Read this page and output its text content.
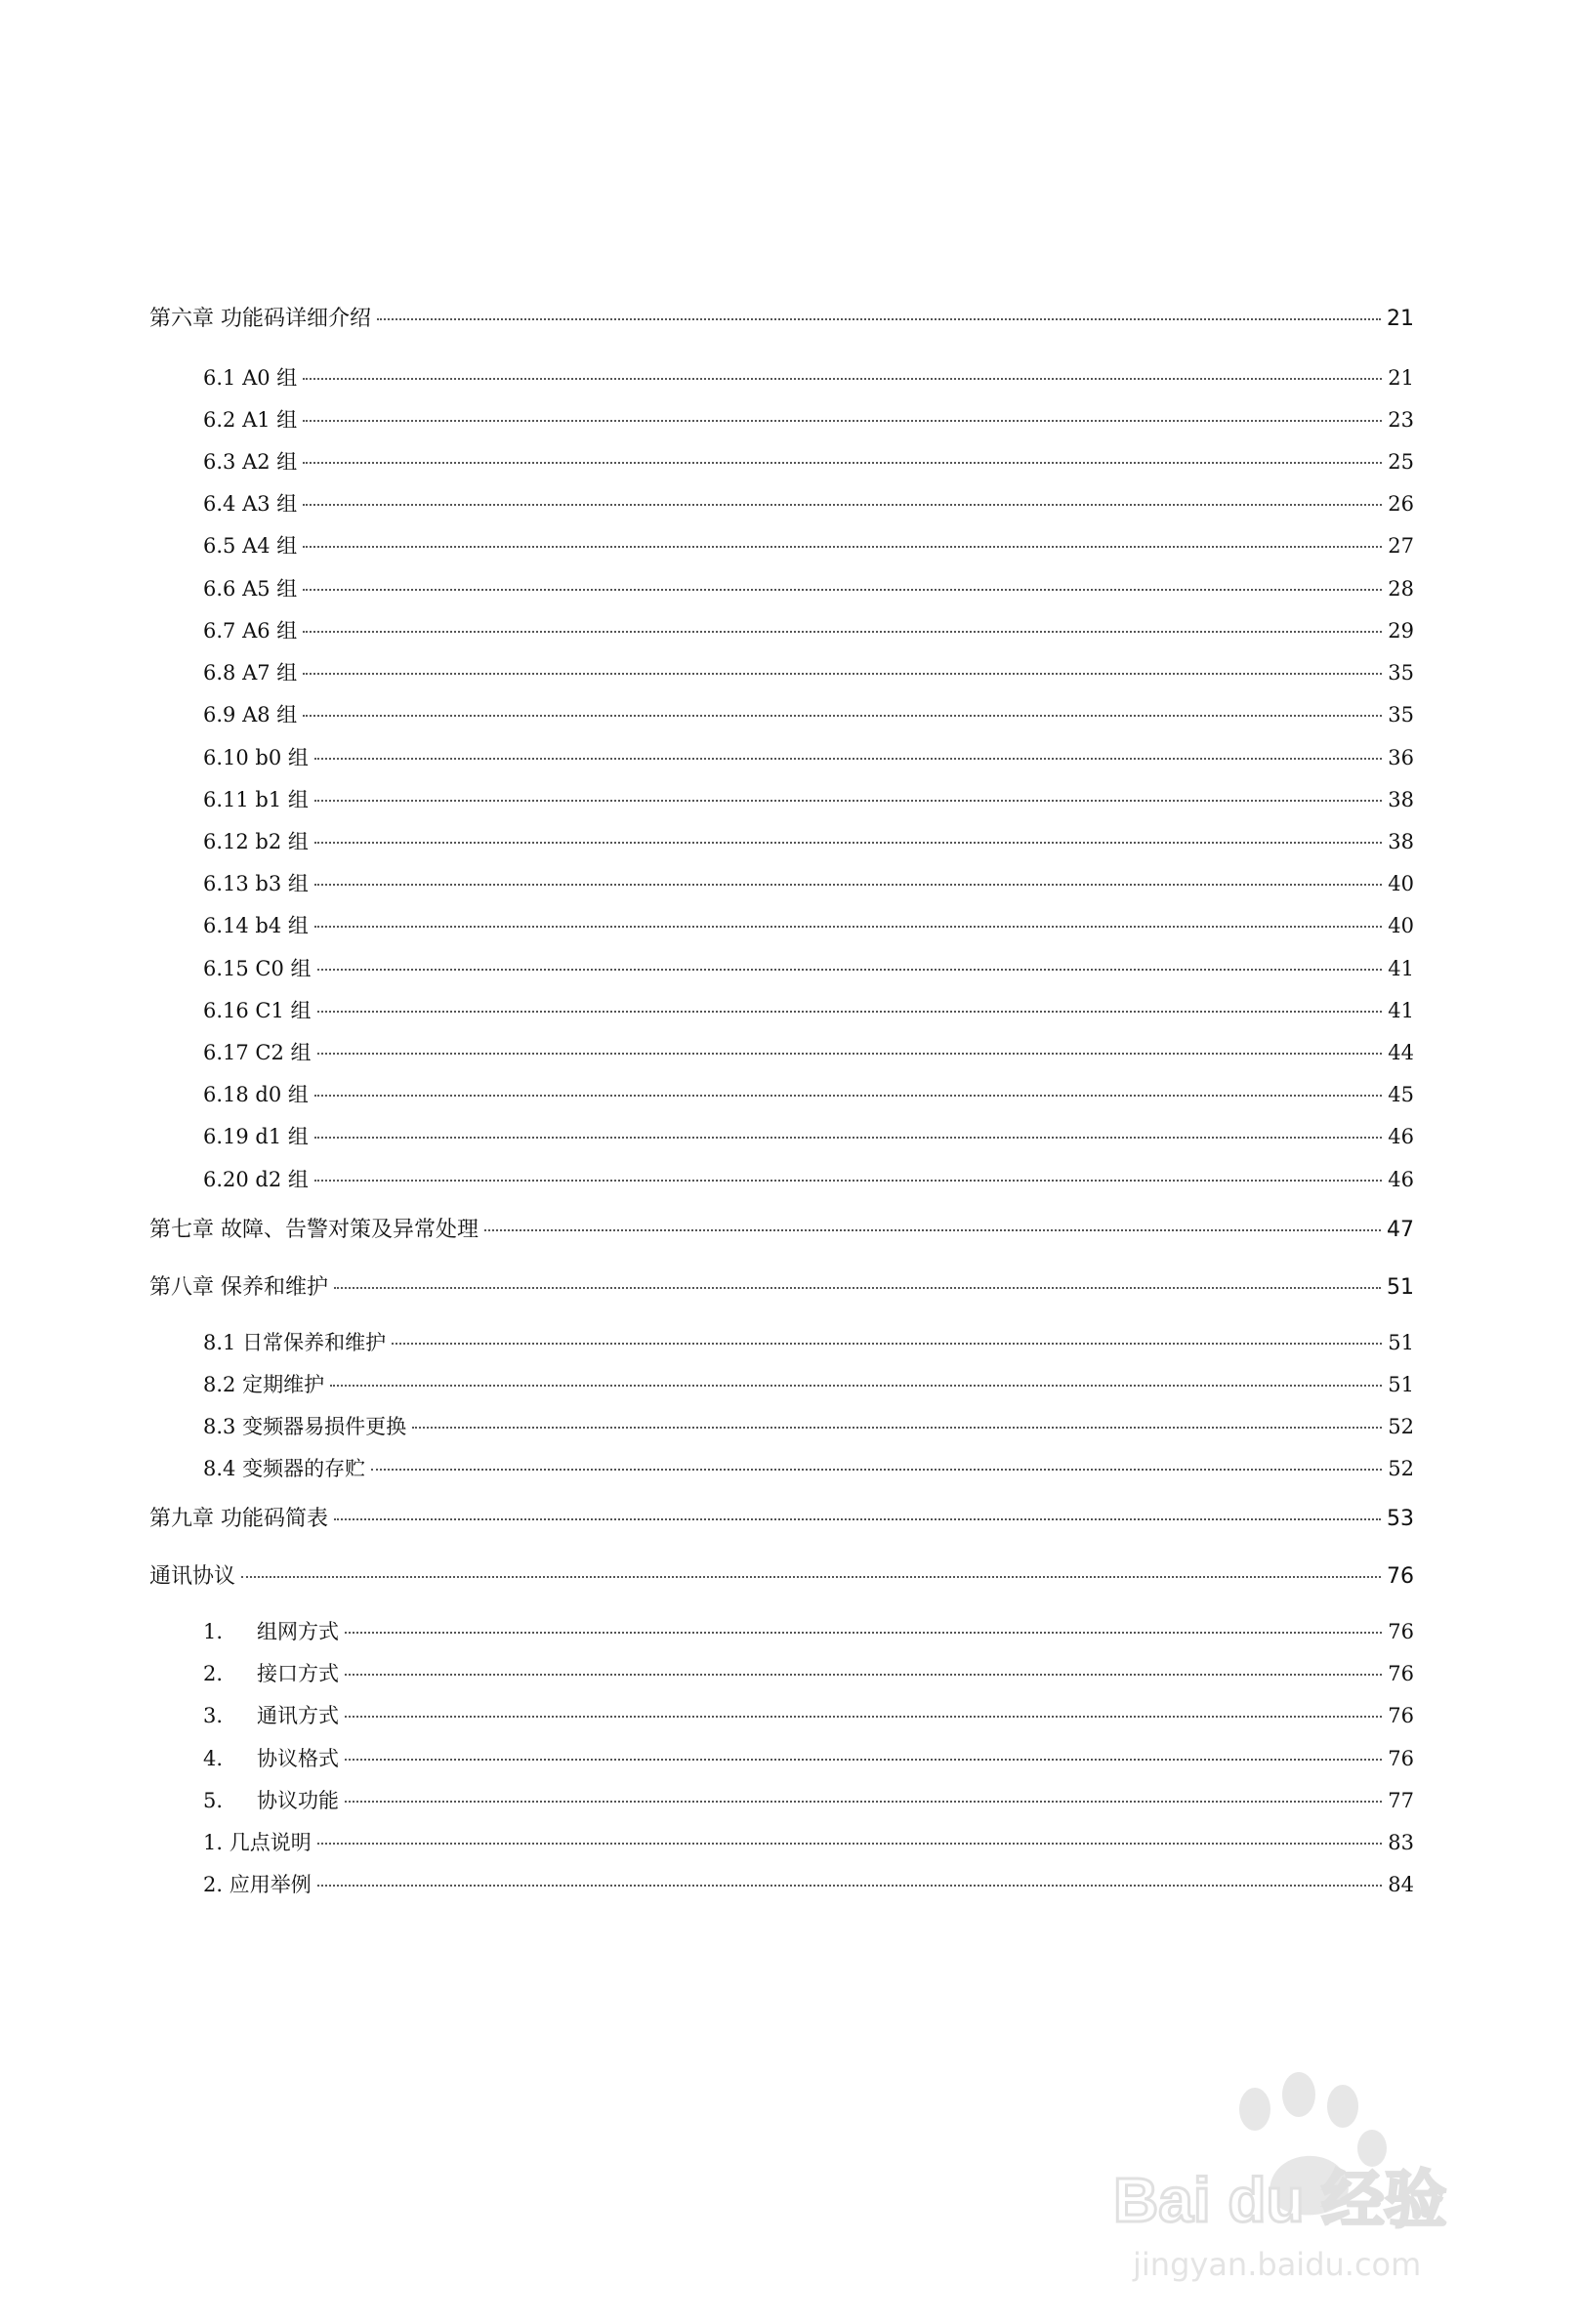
第六章 功能码详细介绍	21
6.1 A0 组	21
6.2 A1 组	23
6.3 A2 组	25
6.4 A3 组	26
6.5 A4 组	27
6.6 A5 组	28
6.7 A6 组	29
6.8 A7 组	35
6.9 A8 组	35
6.10 b0 组	36
6.11 b1 组	38
6.12 b2 组	38
6.13 b3 组	40
6.14 b4 组	40
6.15 C0 组	41
6.16 C1 组	41
6.17 C2 组	44
6.18 d0 组	45
6.19 d1 组	46
6.20 d2 组	46
第七章 故障、告警对策及异常处理	47
第八章 保养和维护	51
8.1 日常保养和维护	51
8.2 定期维护	51
8.3 变频器易损件更换	52
8.4 变频器的存贮	52
第九章 功能码简表	53
通讯协议	76
1. 组网方式	76
2. 接口方式	76
3. 通讯方式	76
4. 协议格式	76
5. 协议功能	77
1. 几点说明	83
2. 应用举例	84
Bai du 经验
jingyan.baidu.com
